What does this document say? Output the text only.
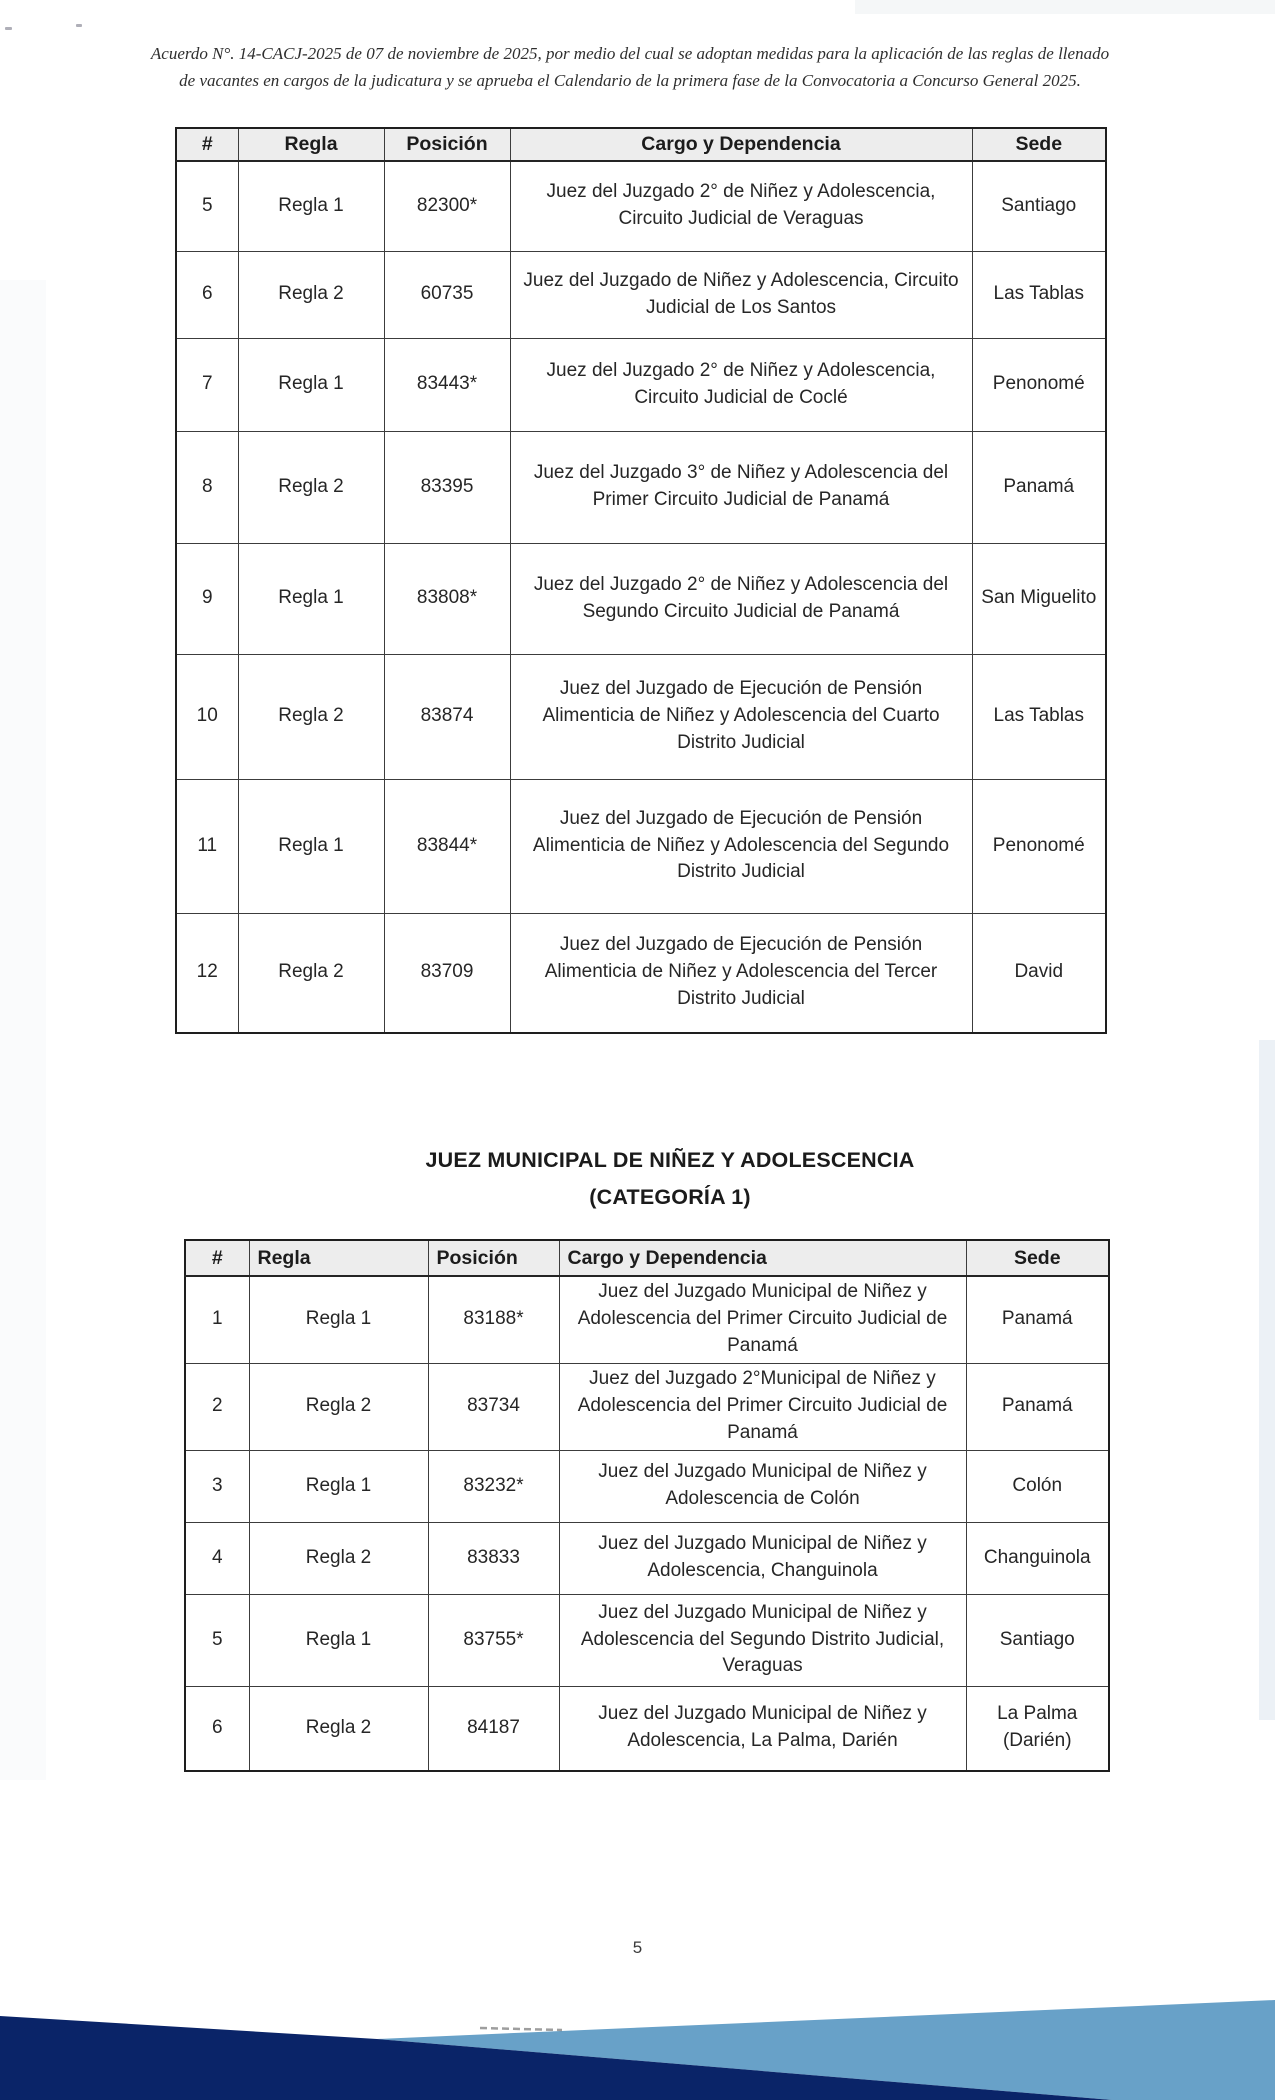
Acuerdo N°. 14-CACJ-2025 de 07 de noviembre de 2025, por medio del cual se adoptan medidas para la aplicación de las reglas de llenado
de vacantes en cargos de la judicatura y se aprueba el Calendario de la primera fase de la Convocatoria a Concurso General 2025.
#	Regla	Posición	Cargo y Dependencia	Sede
5	Regla 1	82300*	Juez del Juzgado 2° de Niñez y Adolescencia, Circuito Judicial de Veraguas	Santiago
6	Regla 2	60735	Juez del Juzgado de Niñez y Adolescencia, Circuito Judicial de Los Santos	Las Tablas
7	Regla 1	83443*	Juez del Juzgado 2° de Niñez y Adolescencia, Circuito Judicial de Coclé	Penonomé
8	Regla 2	83395	Juez del Juzgado 3° de Niñez y Adolescencia del Primer Circuito Judicial de Panamá	Panamá
9	Regla 1	83808*	Juez del Juzgado 2° de Niñez y Adolescencia del Segundo Circuito Judicial de Panamá	San Miguelito
10	Regla 2	83874	Juez del Juzgado de Ejecución de Pensión Alimenticia de Niñez y Adolescencia del Cuarto Distrito Judicial	Las Tablas
11	Regla 1	83844*	Juez del Juzgado de Ejecución de Pensión Alimenticia de Niñez y Adolescencia del Segundo Distrito Judicial	Penonomé
12	Regla 2	83709	Juez del Juzgado de Ejecución de Pensión Alimenticia de Niñez y Adolescencia del Tercer Distrito Judicial	David
JUEZ MUNICIPAL DE NIÑEZ Y ADOLESCENCIA
(CATEGORÍA 1)
#	Regla	Posición	Cargo y Dependencia	Sede
1	Regla 1	83188*	Juez del Juzgado Municipal de Niñez y Adolescencia del Primer Circuito Judicial de Panamá	Panamá
2	Regla 2	83734	Juez del Juzgado 2°Municipal de Niñez y Adolescencia del Primer Circuito Judicial de Panamá	Panamá
3	Regla 1	83232*	Juez del Juzgado Municipal de Niñez y Adolescencia de Colón	Colón
4	Regla 2	83833	Juez del Juzgado Municipal de Niñez y Adolescencia, Changuinola	Changuinola
5	Regla 1	83755*	Juez del Juzgado Municipal de Niñez y Adolescencia del Segundo Distrito Judicial, Veraguas	Santiago
6	Regla 2	84187	Juez del Juzgado Municipal de Niñez y Adolescencia, La Palma, Darién	La Palma (Darién)
5
